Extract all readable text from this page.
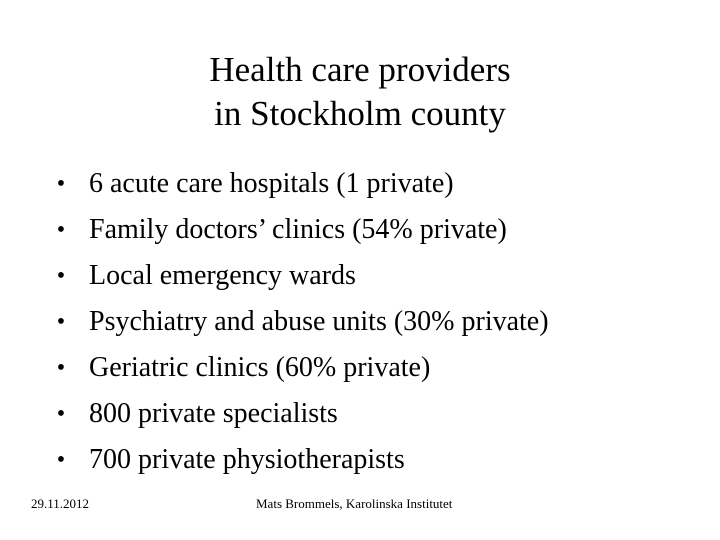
Health care providers
in Stockholm county
• 6 acute care hospitals (1 private)
• Family doctors’ clinics (54% private)
• Local emergency wards
• Psychiatry and abuse units (30% private)
• Geriatric clinics (60% private)
• 800 private specialists
• 700 private physiotherapists
29.11.2012	Mats Brommels, Karolinska Institutet
